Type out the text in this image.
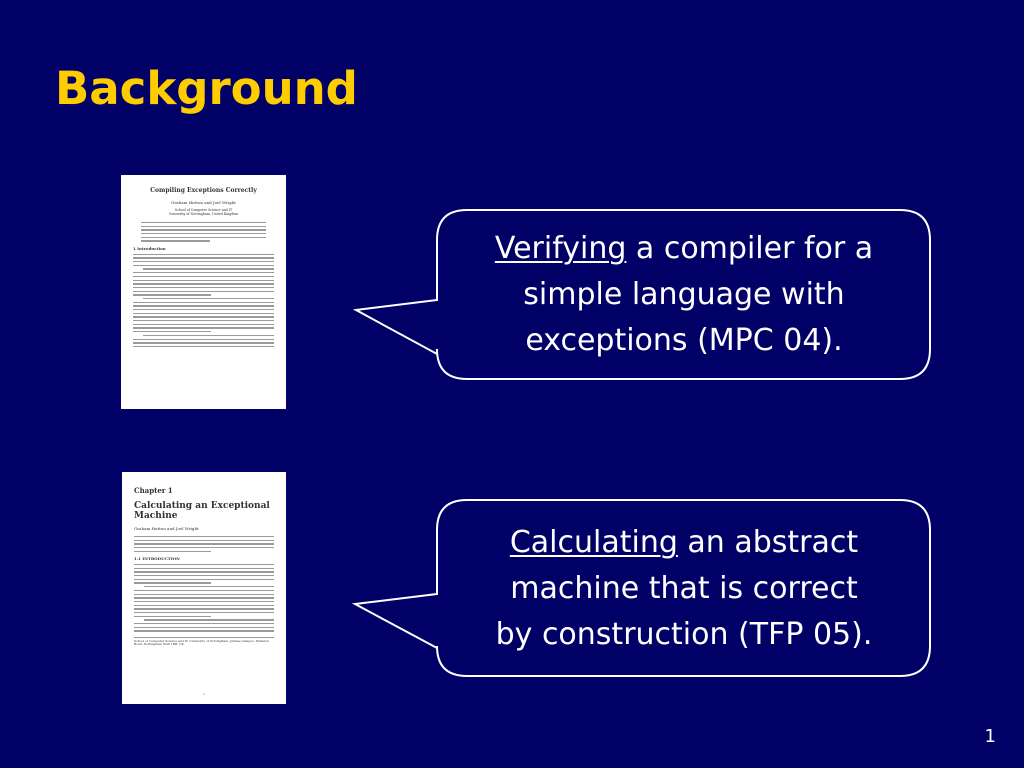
Background
Compiling Exceptions Correctly
Graham Hutton and Joel Wright
School of Computer Science and IT
University of Nottingham, United Kingdom
1 Introduction
Chapter 1
Calculating an Exceptional Machine
Graham Hutton and Joel Wright
1.1 INTRODUCTION
School of Computer Science and IT, University of Nottingham, Jubilee Campus, Wollaton Road, Nottingham NG8 1BB, UK.
1
Verifying a compiler for a
simple language with
exceptions (MPC 04).
Calculating an abstract
machine that is correct
by construction (TFP 05).
1
